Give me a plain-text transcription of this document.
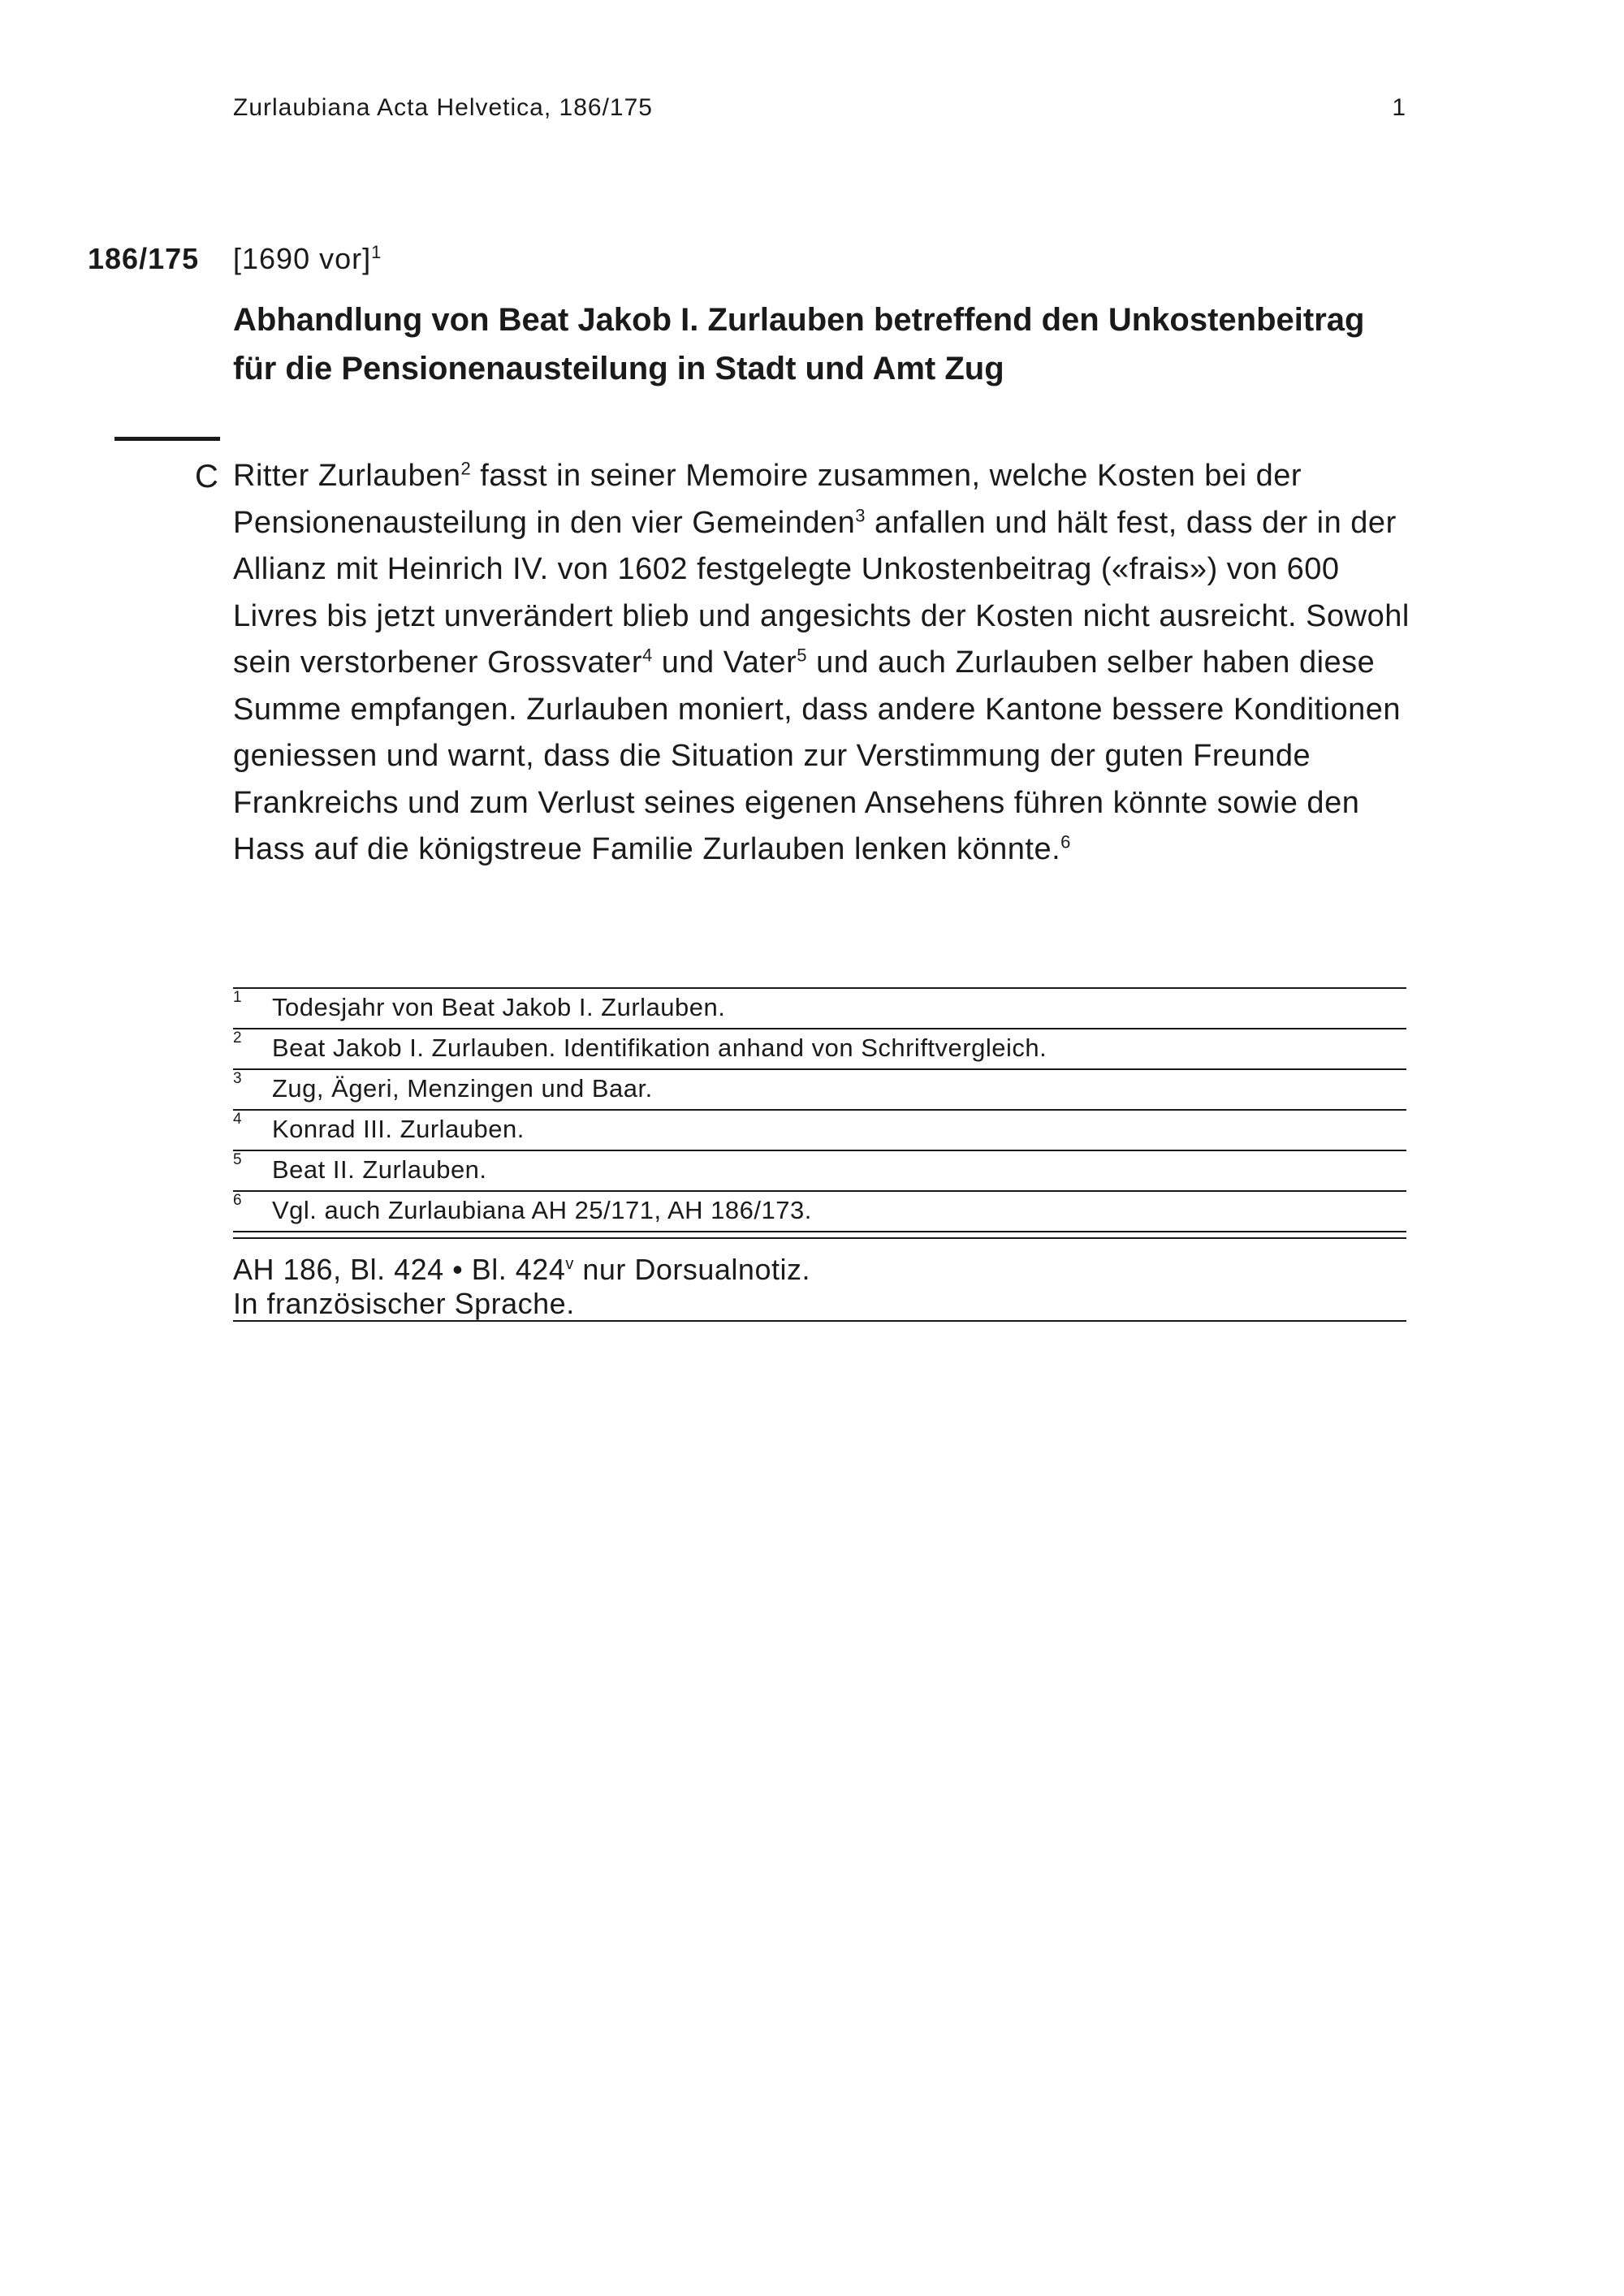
Zurlaubiana Acta Helvetica, 186/175	1
186/175 [1690 vor]$^1$
Abhandlung von Beat Jakob I. Zurlauben betreffend den Unkostenbeitrag für die Pensionenausteilung in Stadt und Amt Zug
C Ritter Zurlauben$^2$ fasst in seiner Memoire zusammen, welche Kosten bei der Pensionenausteilung in den vier Gemeinden$^3$ anfallen und hält fest, dass der in der Allianz mit Heinrich IV. von 1602 festgelegte Unkostenbeitrag («frais») von 600 Livres bis jetzt unverändert blieb und angesichts der Kosten nicht ausreicht. Sowohl sein verstorbener Grossvater$^4$ und Vater$^5$ und auch Zurlauben selber haben diese Summe empfangen. Zurlauben moniert, dass andere Kantone bessere Konditionen geniessen und warnt, dass die Situation zur Verstimmung der guten Freunde Frankreichs und zum Verlust seines eigenen Ansehens führen könnte sowie den Hass auf die königstreue Familie Zurlauben lenken könnte.$^6$

1 Todesjahr von Beat Jakob I. Zurlauben.
2 Beat Jakob I. Zurlauben. Identifikation anhand von Schriftvergleich.
3 Zug, Ägeri, Menzingen und Baar.
4 Konrad III. Zurlauben.
5 Beat II. Zurlauben.
6 Vgl. auch Zurlaubiana AH 25/171, AH 186/173.
AH 186, Bl. 424 • Bl. 424$^v$ nur Dorsualnotiz.
In französischer Sprache.
